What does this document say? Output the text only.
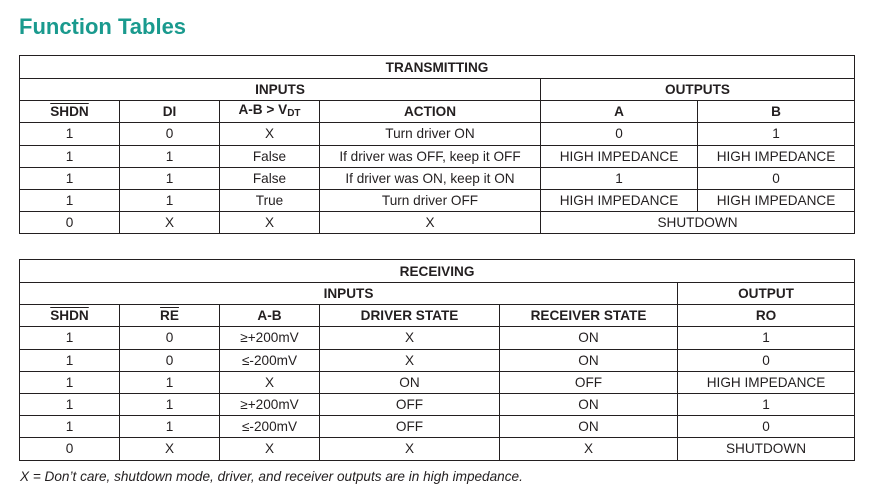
Function Tables
TRANSMITTING					
INPUTS				OUTPUTS	
SHDN	DI	$A-B > V_{DT}$	ACTION	A	B
1	0	X	Turn driver ON	0	1
1	1	False	If driver was OFF, keep it OFF	HIGH IMPEDANCE	HIGH IMPEDANCE
1	1	False	If driver was ON, keep it ON	1	0
1	1	True	Turn driver OFF	HIGH IMPEDANCE	HIGH IMPEDANCE
0	X	X	X	SHUTDOWN	
RECEIVING					
INPUTS					OUTPUT
SHDN	$\overline{RE}$	A-B	DRIVER STATE	RECEIVER STATE	RO
1	0	≥+200mV	X	ON	1
1	0	≤-200mV	X	ON	0
1	1	X	ON	OFF	HIGH IMPEDANCE
1	1	≥+200mV	OFF	ON	1
1	1	≤-200mV	OFF	ON	0
0	X	X	X	X	SHUTDOWN
X = Don’t care, shutdown mode, driver, and receiver outputs are in high impedance.
